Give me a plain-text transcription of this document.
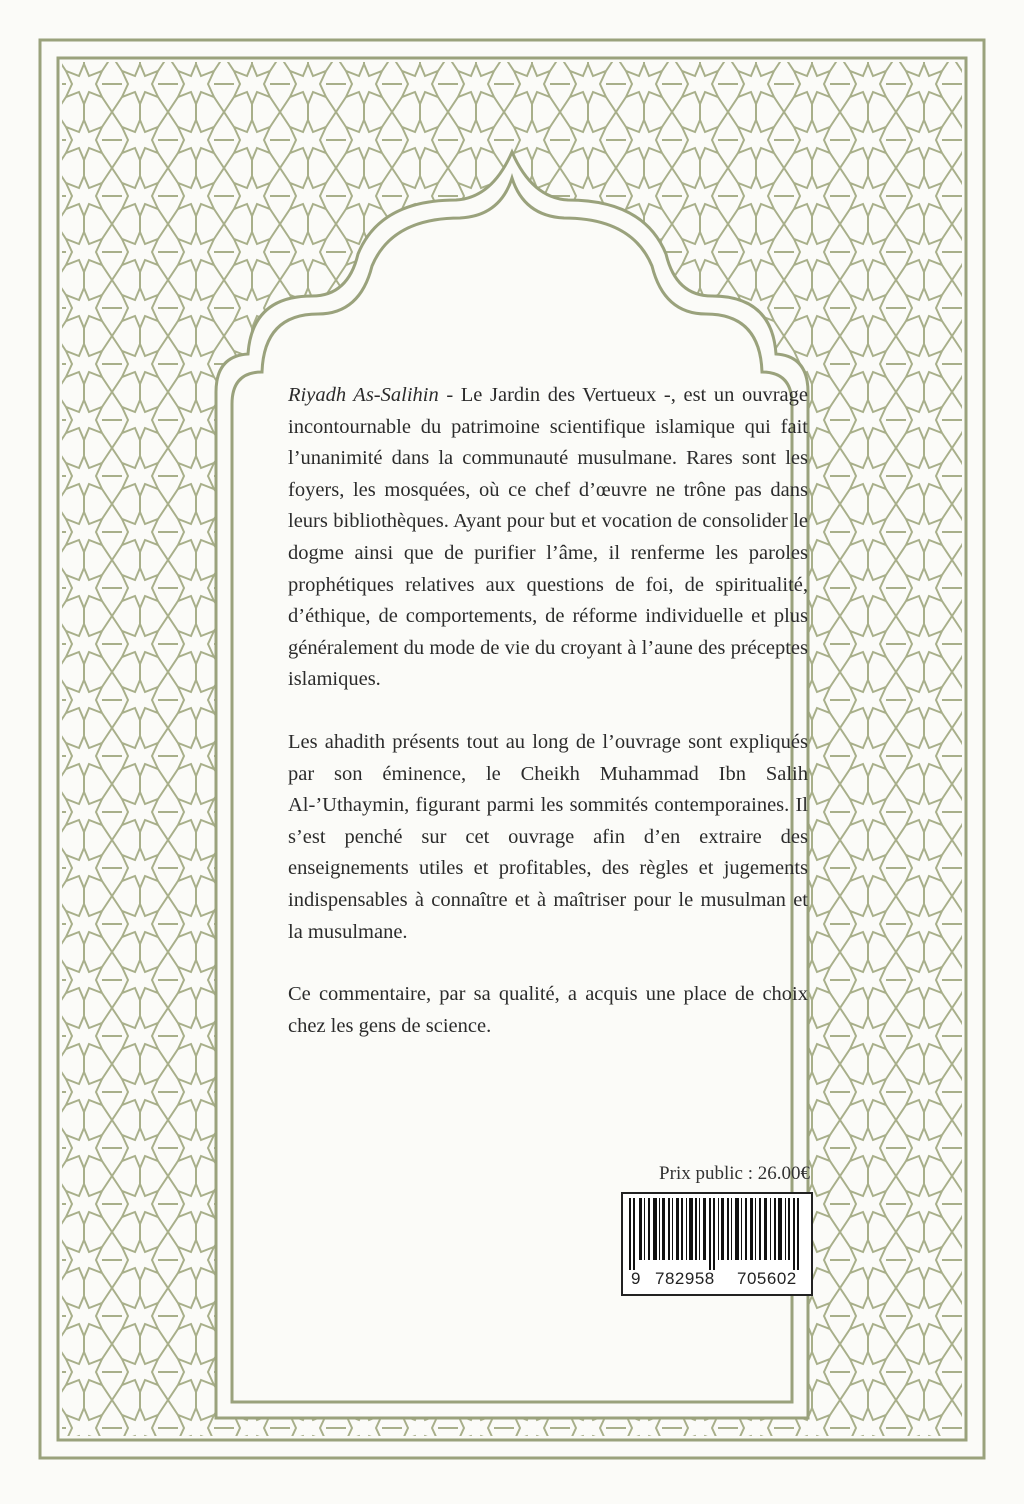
Riyadh As-Salihin - Le Jardin des Vertueux -, est un ouvrage incontournable du patrimoine scientifique islamique qui fait l’unanimité dans la communauté musulmane. Rares sont les foyers, les mosquées, où ce chef d’œuvre ne trône pas dans leurs bibliothèques. Ayant pour but et vocation de consolider le dogme ainsi que de purifier l’âme, il renferme les paroles prophétiques relatives aux questions de foi, de spiritualité, d’éthique, de comportements, de réforme individuelle et plus généralement du mode de vie du croyant à l’aune des préceptes islamiques.

Les ahadith présents tout au long de l’ouvrage sont expliqués par son éminence, le Cheikh Muhammad Ibn Salih Al-’Uthaymin, figurant parmi les sommités contemporaines. Il s’est penché sur cet ouvrage afin d’en extraire des enseignements utiles et profitables, des règles et jugements indispensables à connaître et à maîtriser pour le musulman et la musulmane.

Ce commentaire, par sa qualité, a acquis une place de choix chez les gens de science.

Prix public : 26.00€
9 782958 705602
